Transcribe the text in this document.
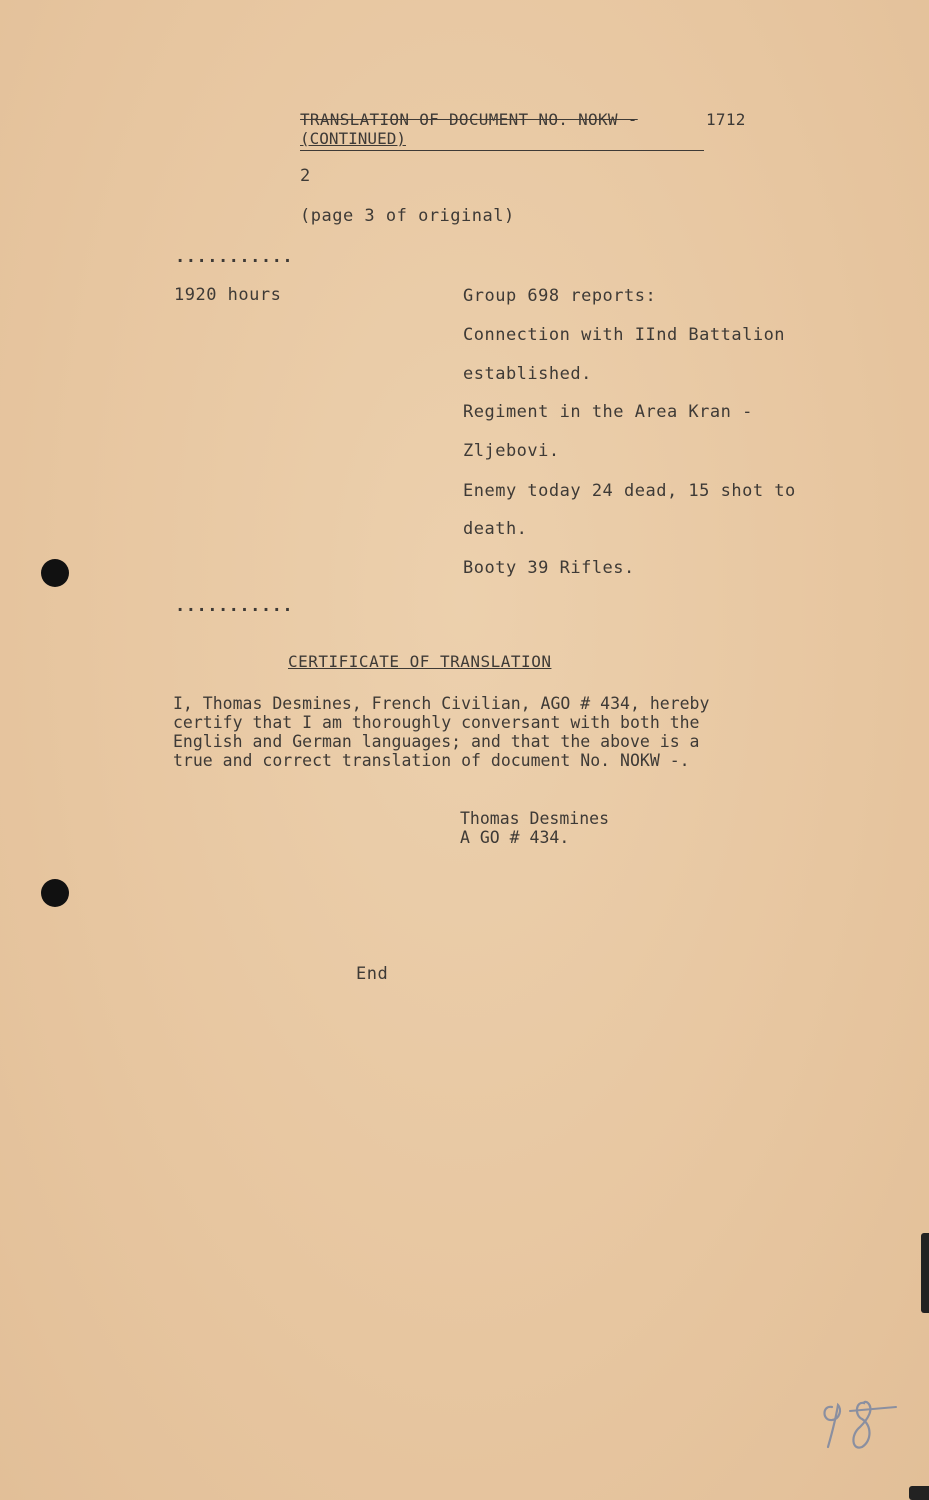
TRANSLATION OF DOCUMENT NO. NOKW -	1712
(CONTINUED)
2
(page 3 of original)
...........
1920 hours	Group 698 reports:
Connection with IInd Battalion
established.
Regiment in the Area Kran -
Zljebovi.
Enemy today 24 dead, 15 shot to
death.
Booty 39 Rifles.
...........
CERTIFICATE OF TRANSLATION
I, Thomas Desmines, French Civilian, AGO # 434, hereby
certify that I am thoroughly conversant with both the
English and German languages; and that the above is a
true and correct translation of document No. NOKW -.
Thomas Desmines
A GO # 434.
End
